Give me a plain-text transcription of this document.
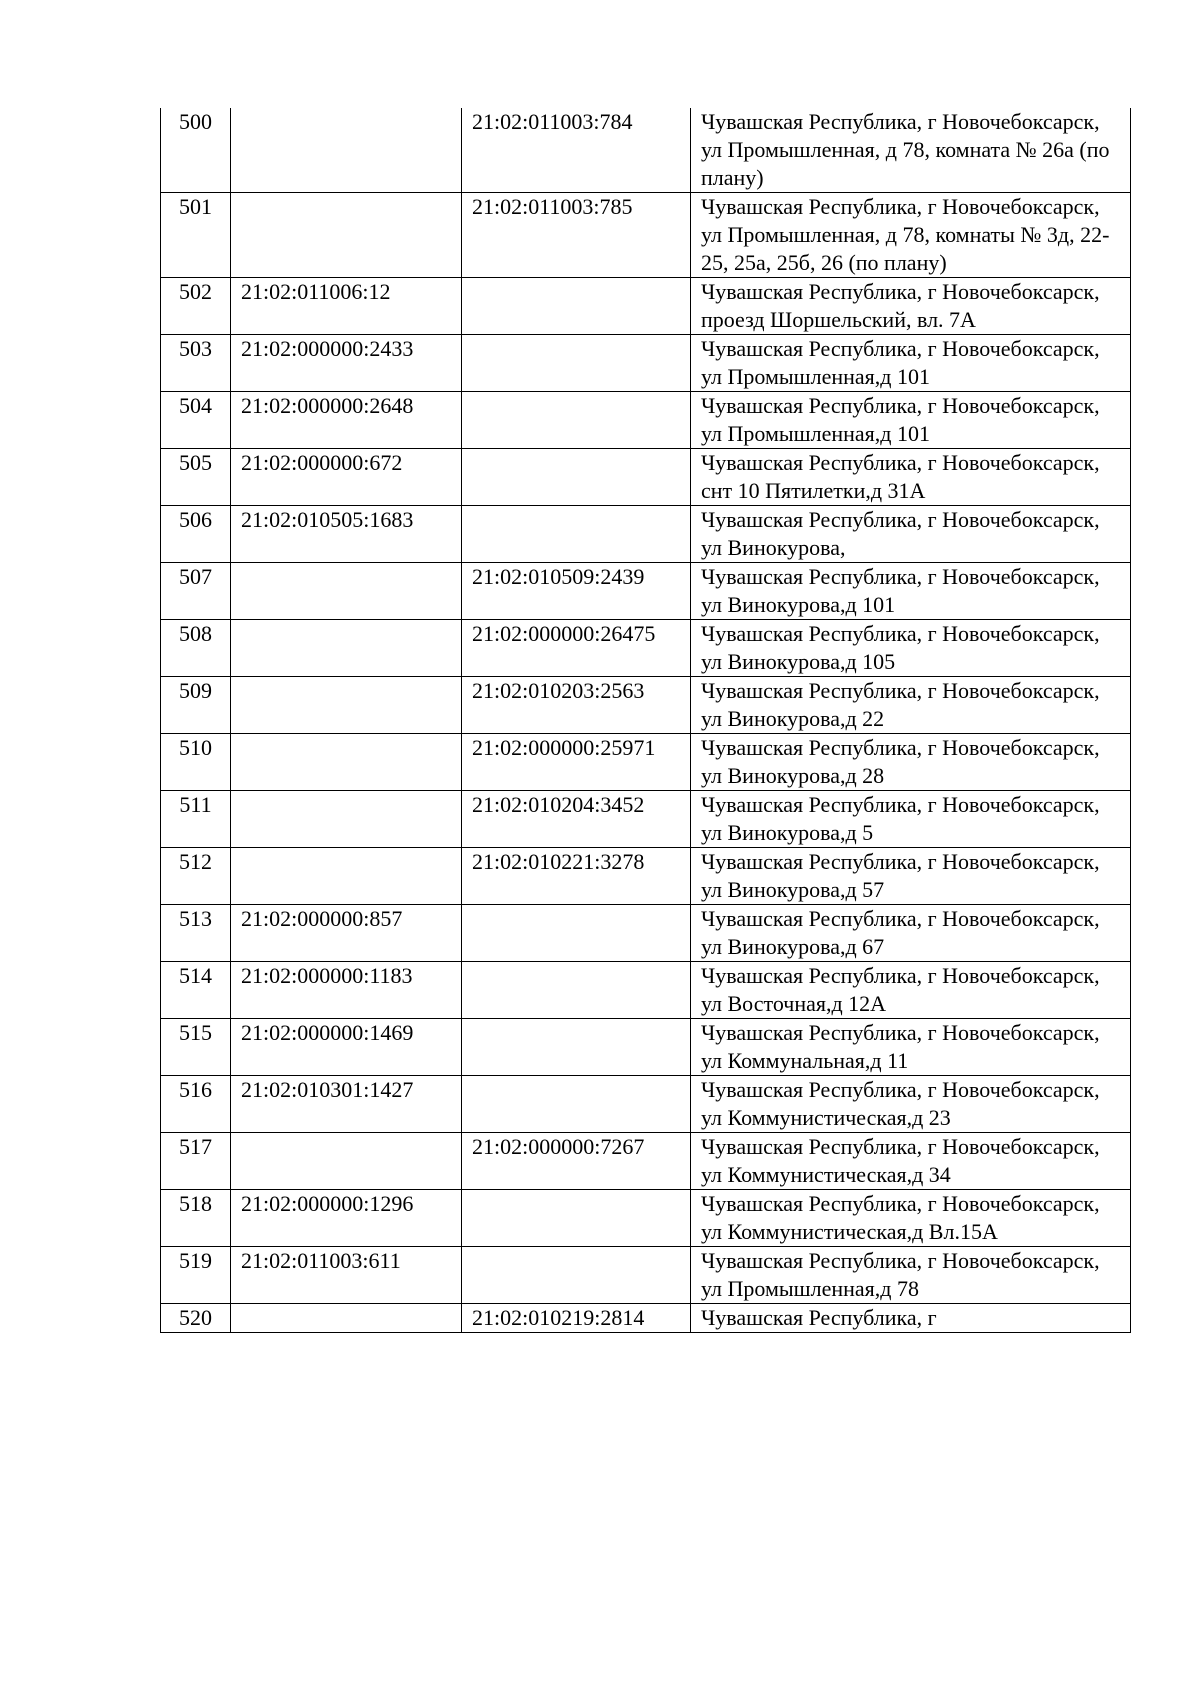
500		21:02:011003:784	Чувашская Республика, г Новочебоксарск, ул Промышленная, д 78, комната № 26а (по плану)
501		21:02:011003:785	Чувашская Республика, г Новочебоксарск, ул Промышленная, д 78, комнаты № 3д, 22-25, 25а, 25б, 26 (по плану)
502	21:02:011006:12		Чувашская Республика, г Новочебоксарск, проезд Шоршельский, вл. 7А
503	21:02:000000:2433		Чувашская Республика, г Новочебоксарск, ул Промышленная,д 101
504	21:02:000000:2648		Чувашская Республика, г Новочебоксарск, ул Промышленная,д 101
505	21:02:000000:672		Чувашская Республика, г Новочебоксарск, снт 10 Пятилетки,д 31А
506	21:02:010505:1683		Чувашская Республика, г Новочебоксарск, ул Винокурова,
507		21:02:010509:2439	Чувашская Республика, г Новочебоксарск, ул Винокурова,д 101
508		21:02:000000:26475	Чувашская Республика, г Новочебоксарск, ул Винокурова,д 105
509		21:02:010203:2563	Чувашская Республика, г Новочебоксарск, ул Винокурова,д 22
510		21:02:000000:25971	Чувашская Республика, г Новочебоксарск, ул Винокурова,д 28
511		21:02:010204:3452	Чувашская Республика, г Новочебоксарск, ул Винокурова,д 5
512		21:02:010221:3278	Чувашская Республика, г Новочебоксарск, ул Винокурова,д 57
513	21:02:000000:857		Чувашская Республика, г Новочебоксарск, ул Винокурова,д 67
514	21:02:000000:1183		Чувашская Республика, г Новочебоксарск, ул Восточная,д 12А
515	21:02:000000:1469		Чувашская Республика, г Новочебоксарск, ул Коммунальная,д 11
516	21:02:010301:1427		Чувашская Республика, г Новочебоксарск, ул Коммунистическая,д 23
517		21:02:000000:7267	Чувашская Республика, г Новочебоксарск, ул Коммунистическая,д 34
518	21:02:000000:1296		Чувашская Республика, г Новочебоксарск, ул Коммунистическая,д Вл.15А
519	21:02:011003:611		Чувашская Республика, г Новочебоксарск, ул Промышленная,д 78
520		21:02:010219:2814	Чувашская Республика, г
